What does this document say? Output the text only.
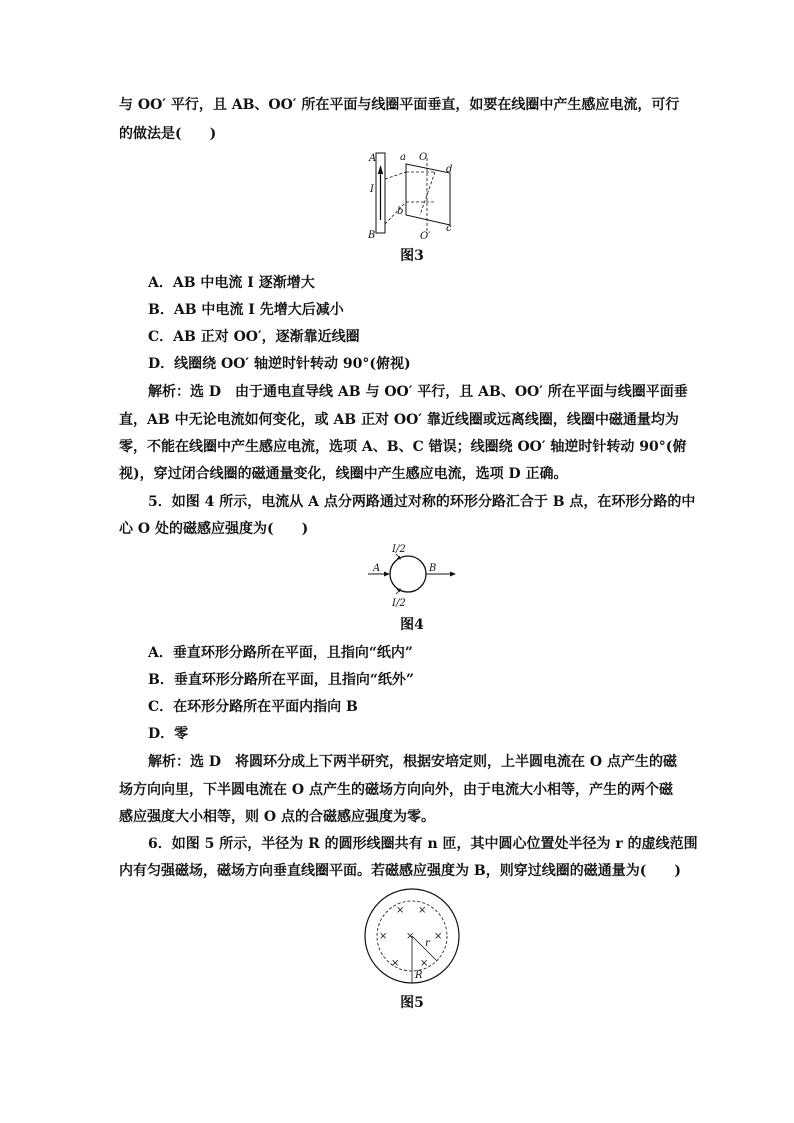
与 OO′ 平行，且 AB、OO′ 所在平面与线圈平面垂直，如要在线圈中产生感应电流，可行
的做法是(　　)
A
B
I
a O
d
b
c
O′
图3
A．AB 中电流 I 逐渐增大
B．AB 中电流 I 先增大后减小
C．AB 正对 OO′，逐渐靠近线圈
D．线圈绕 OO′ 轴逆时针转动 90°(俯视)
解析：选 D　由于通电直导线 AB 与 OO′ 平行，且 AB、OO′ 所在平面与线圈平面垂
直，AB 中无论电流如何变化，或 AB 正对 OO′ 靠近线圈或远离线圈，线圈中磁通量均为
零，不能在线圈中产生感应电流，选项 A、B、C 错误；线圈绕 OO′ 轴逆时针转动 90°(俯
视)，穿过闭合线圈的磁通量变化，线圈中产生感应电流，选项 D 正确。
5．如图 4 所示，电流从 A 点分两路通过对称的环形分路汇合于 B 点，在环形分路的中
心 O 处的磁感应强度为(　　)
I/2
I/2
A	B
图4
A．垂直环形分路所在平面，且指向“纸内”
B．垂直环形分路所在平面，且指向“纸外”
C．在环形分路所在平面内指向 B
D．零
解析：选 D　将圆环分成上下两半研究，根据安培定则，上半圆电流在 O 点产生的磁
场方向向里，下半圆电流在 O 点产生的磁场方向向外，由于电流大小相等，产生的两个磁
感应强度大小相等，则 O 点的合磁感应强度为零。
6．如图 5 所示，半径为 R 的圆形线圈共有 n 匝，其中圆心位置处半径为 r 的虚线范围
内有匀强磁场，磁场方向垂直线圈平面。若磁感应强度为 B，则穿过线圈的磁通量为(　　)
× ×
× × ×
× ×
r
R
图5
